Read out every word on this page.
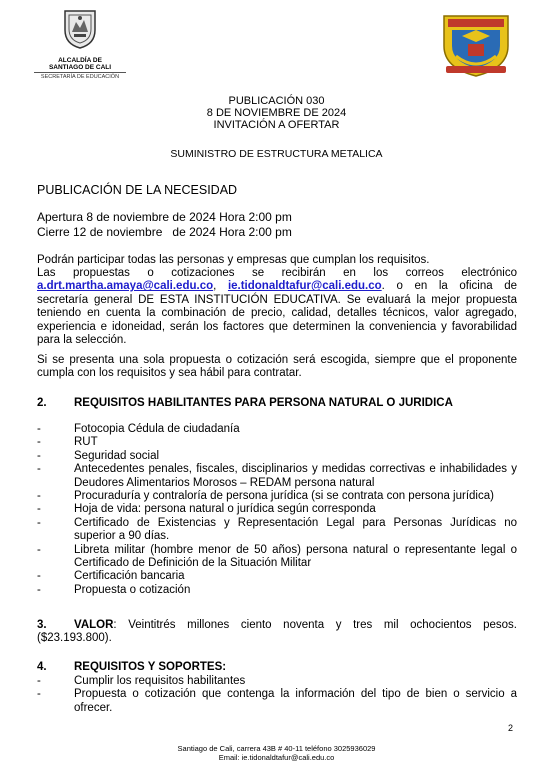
ALCALDÍA DE
SANTIAGO DE CALI
SECRETARÍA DE EDUCACIÓN
PUBLICACIÓN 030
8 DE NOVIEMBRE DE 2024
INVITACIÓN A OFERTAR
SUMINISTRO DE ESTRUCTURA METALICA
PUBLICACIÓN DE LA NECESIDAD
Apertura 8 de noviembre de 2024 Hora 2:00 pm
Cierre 12 de noviembre   de 2024 Hora 2:00 pm
Podrán participar todas las personas y empresas que cumplan los requisitos.
Las propuestas o cotizaciones se recibirán en los correos electrónico a.drt.martha.amaya@cali.edu.co, ie.tidonaldtafur@cali.edu.co. o en la oficina de secretaría general DE ESTA INSTITUCIÓN EDUCATIVA. Se evaluará la mejor propuesta teniendo en cuenta la combinación de precio, calidad, detalles técnicos, valor agregado, experiencia e idoneidad, serán los factores que determinen la conveniencia y favorabilidad para la selección.
Si se presenta una sola propuesta o cotización será escogida, siempre que el proponente cumpla con los requisitos y sea hábil para contratar.
2. REQUISITOS HABILITANTES PARA PERSONA NATURAL O JURIDICA
-	Fotocopia Cédula de ciudadanía
-	RUT
-	Seguridad social
-	Antecedentes penales, fiscales, disciplinarios y medidas correctivas e inhabilidades y Deudores Alimentarios Morosos – REDAM persona natural
-	Procuraduría y contraloría de persona jurídica (si se contrata con persona jurídica)
-	Hoja de vida: persona natural o jurídica según corresponda
-	Certificado de Existencias y Representación Legal para Personas Jurídicas no superior a 90 días.
-	Libreta militar (hombre menor de 50 años) persona natural o representante legal o Certificado de Definición de la Situación Militar
-	Certificación bancaria
-	Propuesta o cotización
3. VALOR: Veintitrés millones ciento noventa y tres mil ochocientos pesos. ($23.193.800).
4. REQUISITOS Y SOPORTES:
-	Cumplir los requisitos habilitantes
-	Propuesta o cotización que contenga la información del tipo de bien o servicio a ofrecer.
2
Santiago de Cali, carrera 43B # 40-11 teléfono 3025936029
Email: ie.tidonaldtafur@cali.edu.co
